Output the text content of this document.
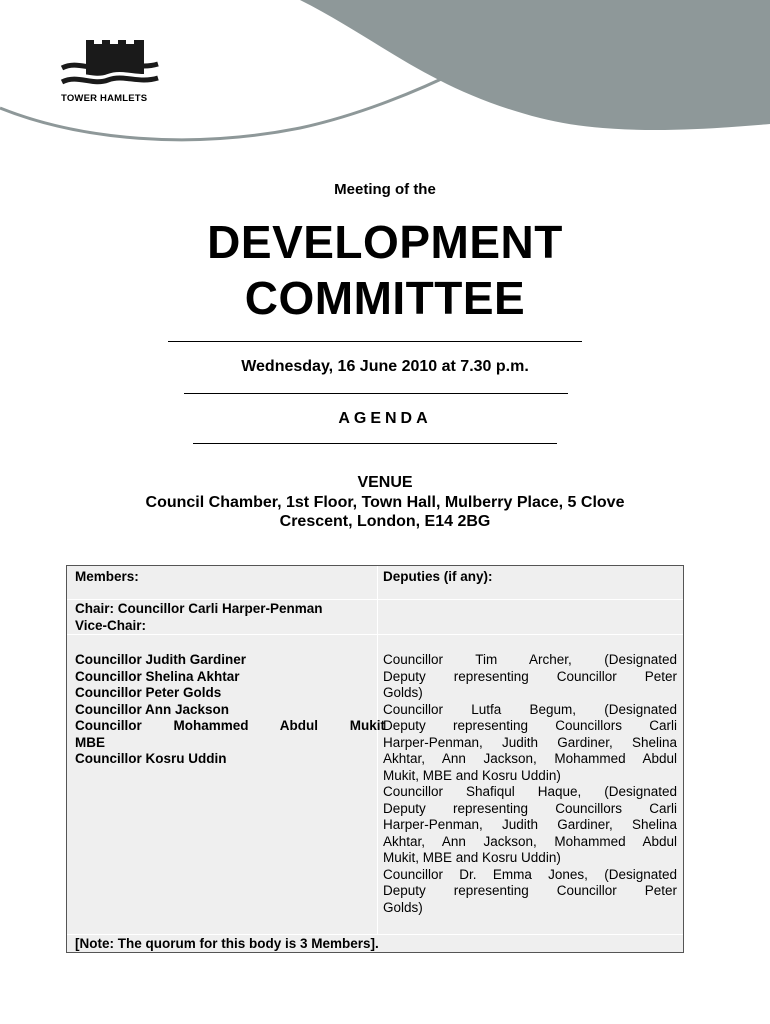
TOWER HAMLETS
Meeting of the
DEVELOPMENT
COMMITTEE
Wednesday, 16 June 2010 at 7.30 p.m.
AGENDA
VENUE
Council Chamber, 1st Floor, Town Hall, Mulberry Place, 5 Clove
Crescent, London, E14 2BG
Members:	Deputies (if any):
Chair: Councillor Carli Harper-Penman
Vice-Chair:
Councillor Judith Gardiner
Councillor Shelina Akhtar
Councillor Peter Golds
Councillor Ann Jackson
Councillor Mohammed Abdul Mukit
MBE
Councillor Kosru Uddin
Councillor Tim Archer, (Designated
Deputy representing Councillor Peter
Golds)
Councillor Lutfa Begum, (Designated
Deputy representing Councillors Carli
Harper-Penman, Judith Gardiner, Shelina
Akhtar, Ann Jackson, Mohammed Abdul
Mukit, MBE and Kosru Uddin)
Councillor Shafiqul Haque, (Designated
Deputy representing Councillors Carli
Harper-Penman, Judith Gardiner, Shelina
Akhtar, Ann Jackson, Mohammed Abdul
Mukit, MBE and Kosru Uddin)
Councillor Dr. Emma Jones, (Designated
Deputy representing Councillor Peter
Golds)
[Note: The quorum for this body is 3 Members].
